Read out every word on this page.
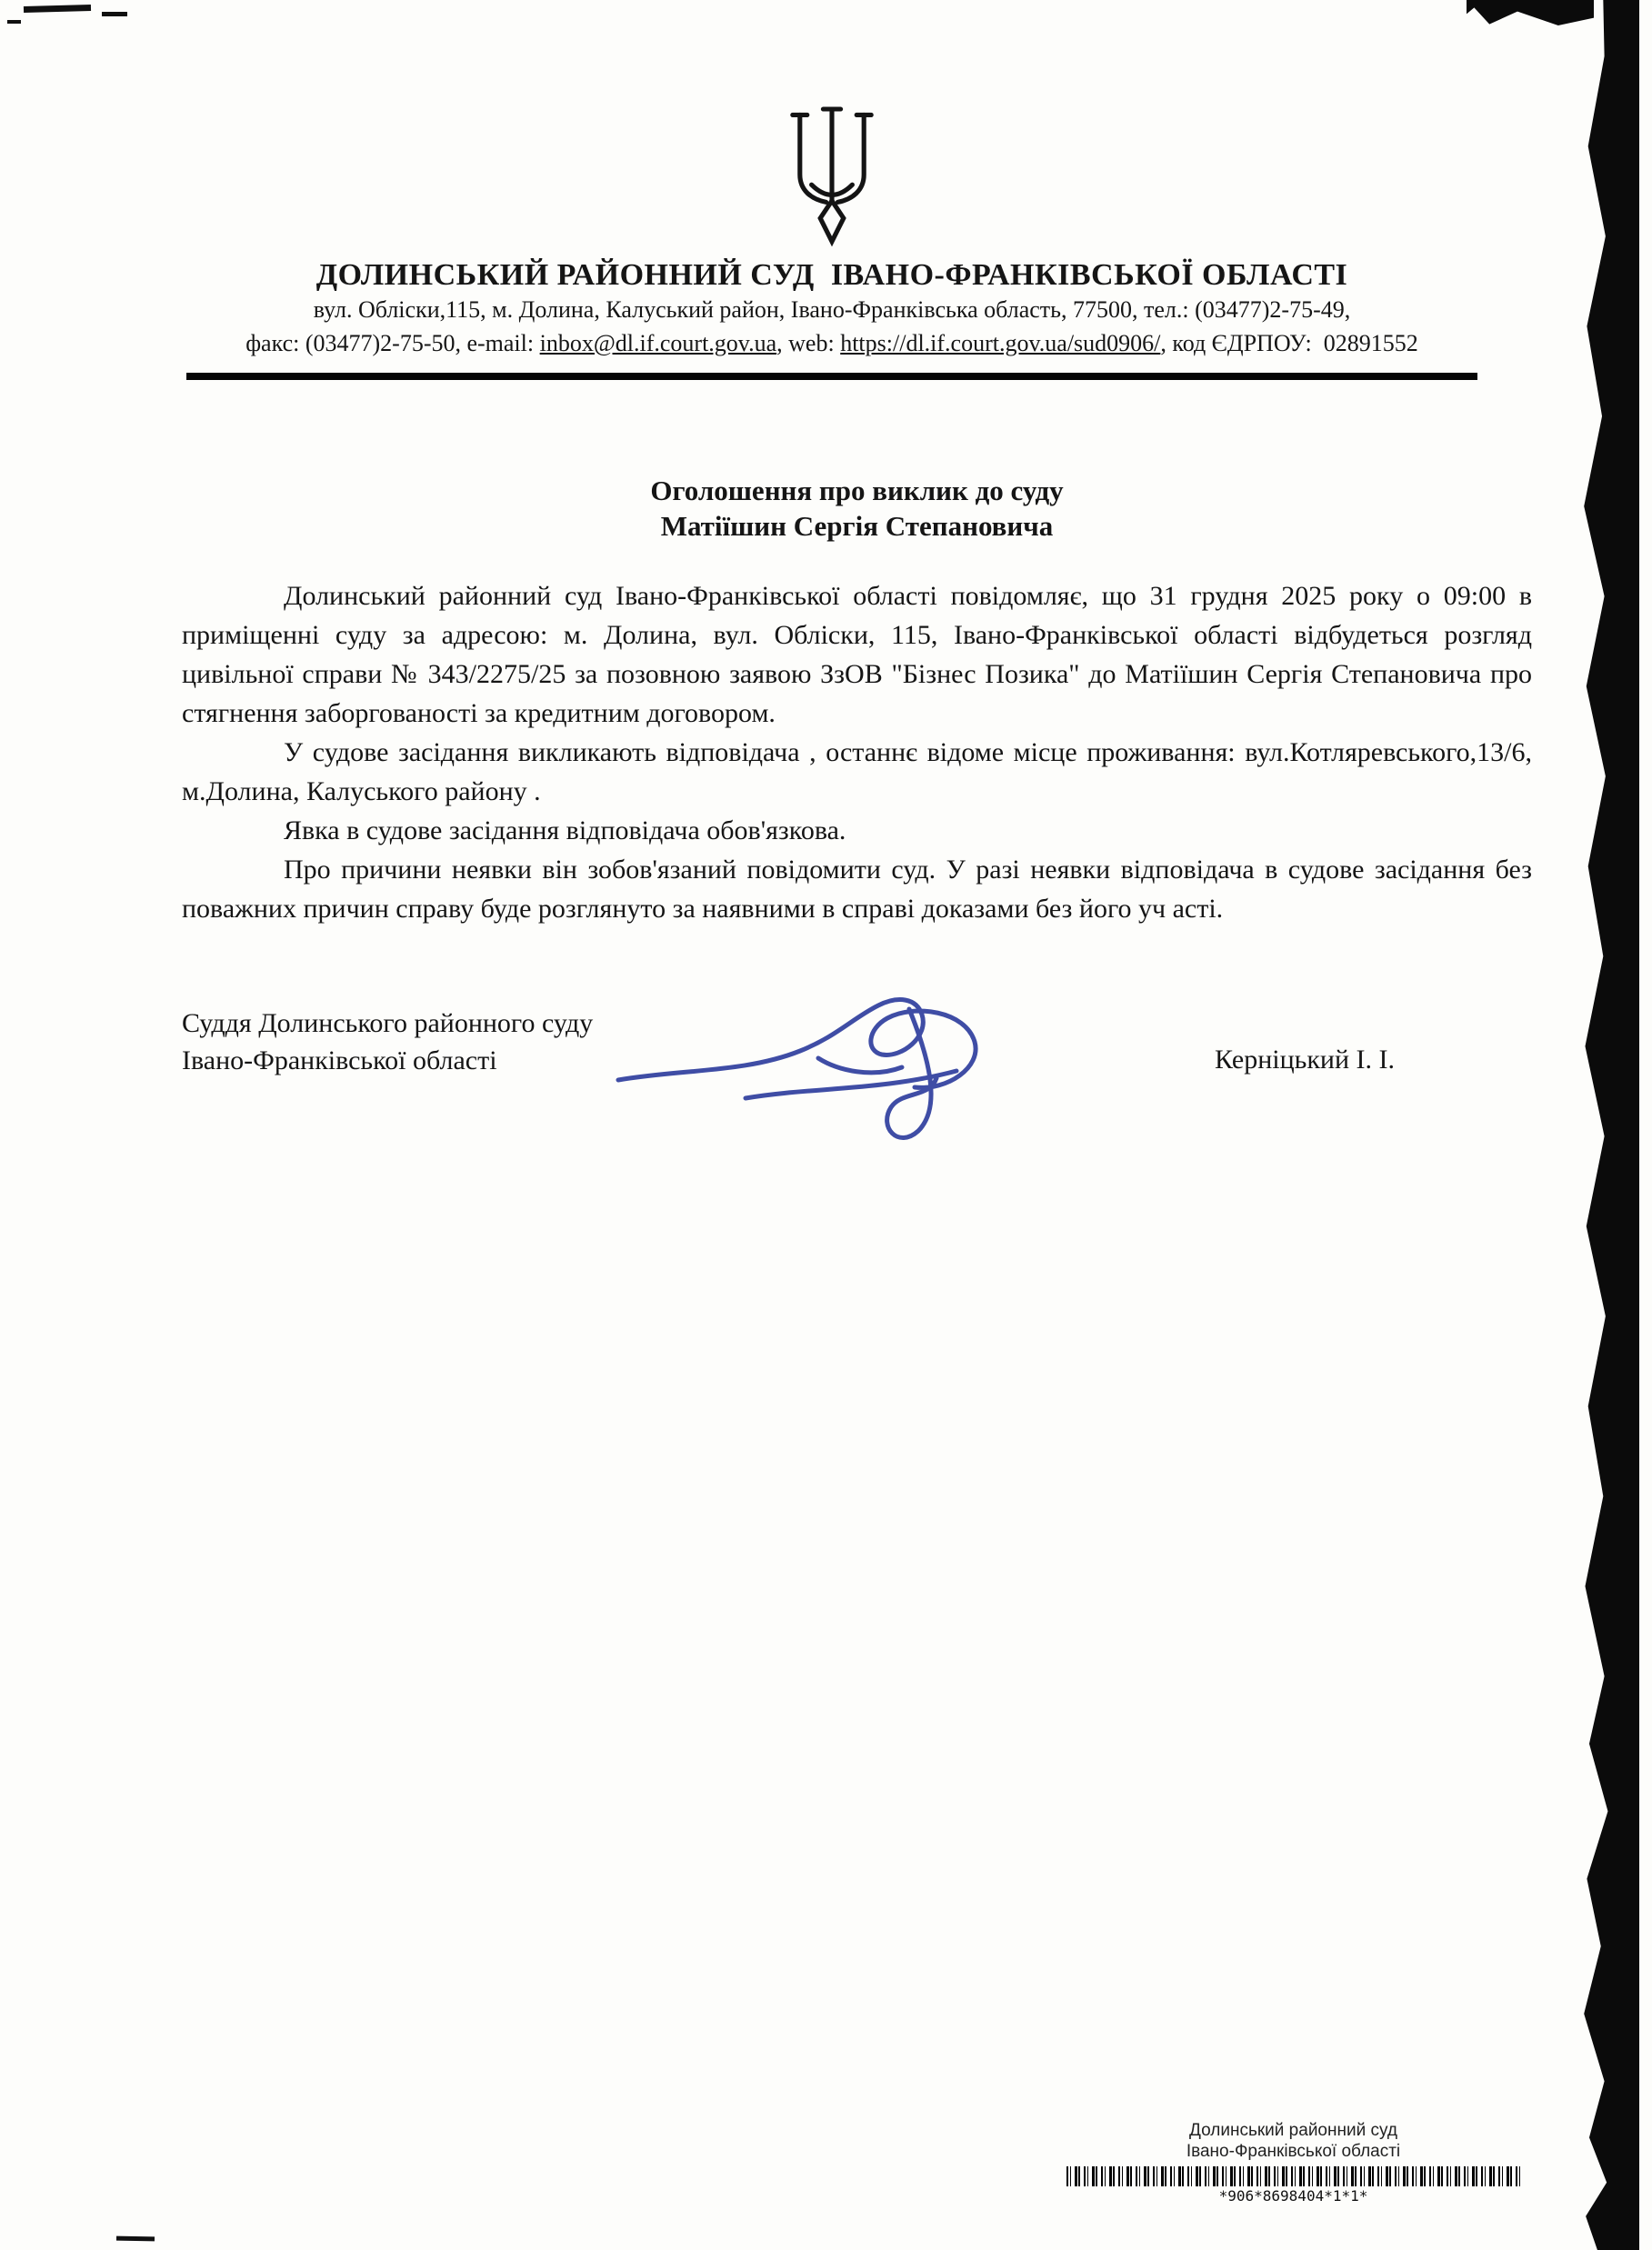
ДОЛИНСЬКИЙ РАЙОННИЙ СУД  ІВАНО-ФРАНКІВСЬКОЇ ОБЛАСТІ

вул. Обліски,115, м. Долина, Калуський район, Івано-Франківська область, 77500, тел.: (03477)2-75-49,

факс: (03477)2-75-50, e-mail: inbox@dl.if.court.gov.ua, web: https://dl.if.court.gov.ua/sud0906/, код ЄДРПОУ:  02891552

Оголошення про виклик до суду

Матіїшин Сергія Степановича

Долинський районний суд Івано-Франківської області повідомляє, що 31 грудня 2025 року о 09:00 в приміщенні суду за адресою: м. Долина, вул. Обліски, 115, Івано-Франківської області відбудеться розгляд цивільної справи № 343/2275/25 за позовною заявою ЗзОВ "Бізнес Позика" до Матіїшин Сергія Степановича про стягнення заборгованості за кредитним договором.

У судове засідання викликають відповідача , останнє відоме місце проживання: вул.Котляревського,13/6, м.Долина, Калуського району .

Явка в судове засідання відповідача обов'язкова.

Про причини неявки він зобов'язаний повідомити суд. У разі неявки відповідача в судове засідання без поважних причин справу буде розглянуто за наявними в справі доказами без його уч асті.

Суддя Долинського районного суду

Івано-Франківської області	Керніцький І. І.

Долинський районний суд

Івано-Франківської області

*906*8698404*1*1*
